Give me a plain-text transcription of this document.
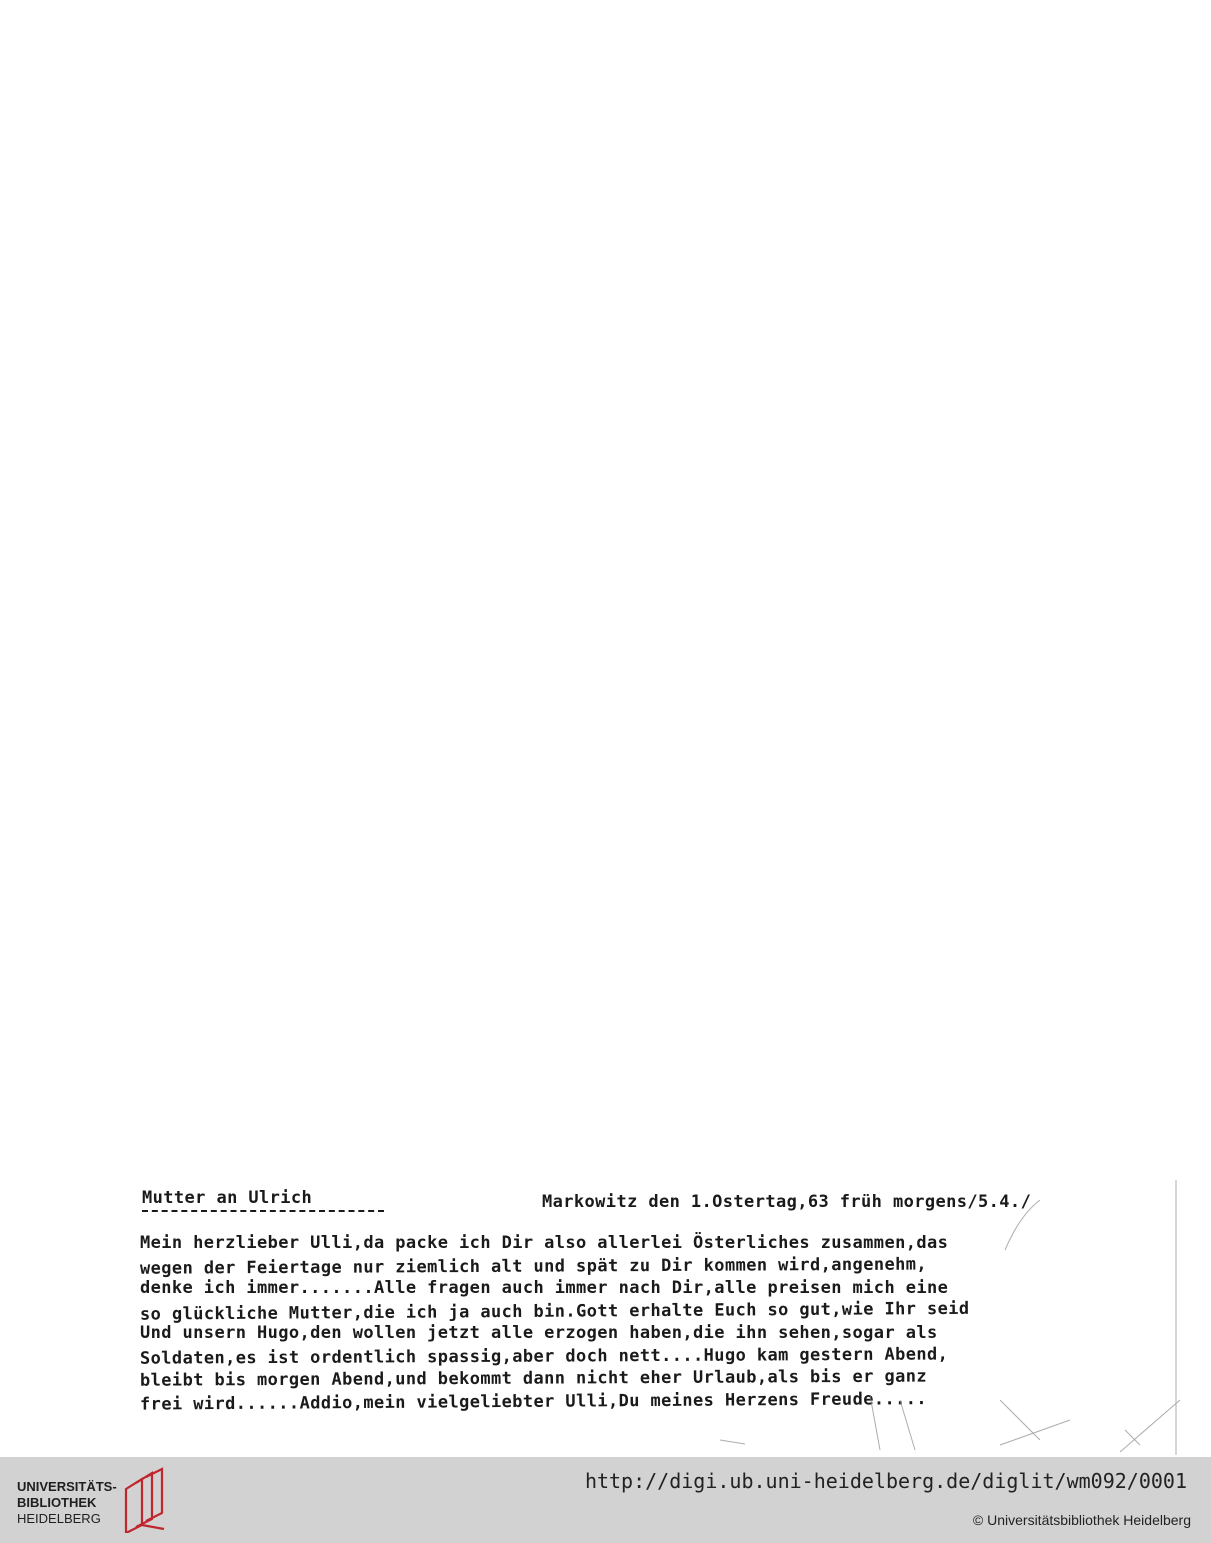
Mutter an Ulrich	Markowitz den 1.Ostertag,63 früh morgens/5.4./
Mein herzlieber Ulli,da packe ich Dir also allerlei Österliches zusammen,das
wegen der Feiertage nur ziemlich alt und spät zu Dir kommen wird,angenehm,
denke ich immer.......Alle fragen auch immer nach Dir,alle preisen mich eine
so glückliche Mutter,die ich ja auch bin.Gott erhalte Euch so gut,wie Ihr seid
Und unsern Hugo,den wollen jetzt alle erzogen haben,die ihn sehen,sogar als
Soldaten,es ist ordentlich spassig,aber doch nett....Hugo kam gestern Abend,
bleibt bis morgen Abend,und bekommt dann nicht eher Urlaub,als bis er ganz
frei wird......Addio,mein vielgeliebter Ulli,Du meines Herzens Freude.....
UNIVERSITÄTS-
BIBLIOTHEK
HEIDELBERG
http://digi.ub.uni-heidelberg.de/diglit/wm092/0001
© Universitätsbibliothek Heidelberg
